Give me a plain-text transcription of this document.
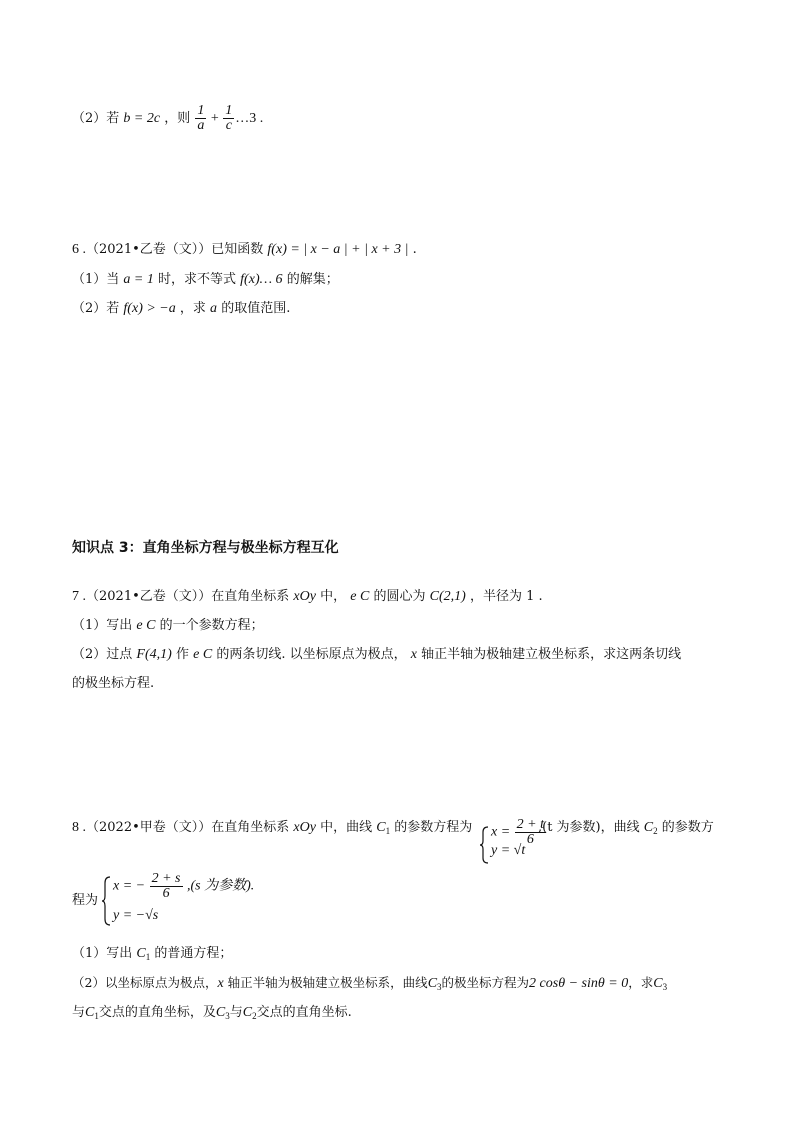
（2）若 b = 2c ，则 $\frac{1}{a} + \frac{1}{c}$ …3 .
6 .（2021•乙卷（文））已知函数 f(x) = | x − a | + | x + 3 | .
（1）当 a = 1 时，求不等式 f(x)… 6 的解集；
（2）若 f(x) > −a ，求 a 的取值范围.
知识点 3：直角坐标方程与极坐标方程互化
7 .（2021•乙卷（文））在直角坐标系 xOy 中， e C 的圆心为 C(2,1) ，半径为 1 .
（1）写出 e C 的一个参数方程；
（2）过点 F(4,1) 作 e C 的两条切线. 以坐标原点为极点， x 轴正半轴为极轴建立极坐标系，求这两条切线
的极坐标方程.
8 .（2022•甲卷（文））在直角坐标系 xOy 中，曲线 $C_1$ 的参数方程为 $x = \frac{2 + t}{6}$
y = √t
,(t 为参数)，曲线 $C_2$ 的参数方
程为
x = − $\frac{2 + s}{6} ,(s$ 为参数).
y = −√s
（1）写出 $C_1$ 的普通方程；
（2）以坐标原点为极点，x 轴正半轴为极轴建立极坐标系，曲线$C_3$的极坐标方程为2 cosθ − sinθ = 0，求$C_3$
与$C_1$交点的直角坐标，及$C_3$与$C_2$交点的直角坐标.
